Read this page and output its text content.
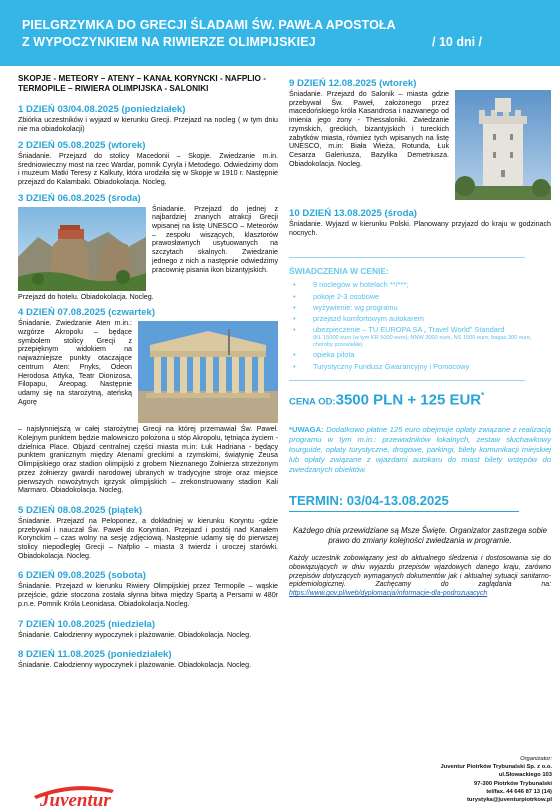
PIELGRZYMKA DO GRECJI ŚLADAMI ŚW. PAWŁA APOSTOŁA
Z WYPOCZYNKIEM NA RIWIERZE OLIMPIJSKIEJ	/ 10 dni /
SKOPJE - METEORY – ATENY – KANAŁ KORYNCKI - NAFPLIO - TERMOPILE – RIWIERA OLIMPIJSKA - SALONIKI
1 DZIEŃ 03/04.08.2025 (poniedziałek)
Zbiórka uczestników i wyjazd w kierunku Grecji. Przejazd na nocleg ( w tym dniu nie ma obiadokolacji)
2 DZIEŃ 05.08.2025 (wtorek)
Śniadanie. Przejazd do stolicy Macedonii – Skopje. Zwiedzanie m.in. średniowieczny most na rzec Wardar, pomnik Cyryla i Metodego. Odwiedzimy dom i muzeum Matki Teresy z Kalkuty, która urodziła się w Skopje w 1910 r. Następnie przejazd do Kalambaki. Obiadokolacja. Nocleg.
3 DZIEŃ 06.08.2025 (środa)
Śniadanie. Przejazd do jednej z najbardziej znanych atrakcji Grecji wpisanej na listę UNESCO – Meteorów – zespołu wiszących, klasztorów prawosławnych usytuowanych na szczytach skalnych. Zwiedzanie jednego z nich a następnie odwiedzimy pracownię pisania ikon bizantyjskich.
Przejazd do hotelu. Obiadokolacja. Nocleg.
4 DZIEŃ 07.08.2025 (czwartek)
Śniadanie. Zwiedzanie Aten m.in.: wzgórze Akropolu – będące symbolem stolicy Grecji z przepięknym widokiem na najważniejsze punkty otaczające centrum Aten: Pnyks, Odeon Herodosa Attyka, Teatr Dionizosa, Filopapu, Areopag. Następnie udamy się na starożytną, ateńską Agorę
– najsłynniejszą w całej starożytnej Grecji na której przemawiał Św. Paweł. Kolejnym punktem będzie malowniczo położona u stóp Akropolu, tętniąca życiem - dzielnica Place. Objazd centralnej części miasta m.in: Łuk Hadriana - będący punktem granicznym między Atenami greckimi a rzymskimi, świątynię Zeusa Olimpijskiego oraz stadion olimpijski z grobem Nieznanego Żołnierza strzeżonym przez żołnierzy gwardii narodowej ubranych w tradycyjne stroje oraz miejsce pierwszych nowożytnych igrzysk olimpijskich – zrekonstruowany stadion Kali Marmaro. Obiadokolacja. Nocleg.
5 DZIEŃ 08.08.2025 (piątek)
Śniadanie. Przejazd na Peloponez, a dokładniej w kierunku Koryntu -gdzie przebywał i nauczał Św. Paweł do Koryntian. Przejazd i postój nad Kanałem Korynckim – czas wolny na sesję zdjęciową. Następnie udamy się do pierwszej stolicy niepodległej Grecji – Nafplio – miasta 3 twierdz i uroczej starówki. Obiadokolacja. Nocleg.
6 DZIEŃ 09.08.2025 (sobota)
Śniadanie. Przejazd w kierunku Riwiery Olimpijskiej przez Termopile – wąskie przejście, gdzie stoczona została słynna bitwa między Spartą a Persami w 480r p.n.e. Pomnik Króla Leonidasa. Obiadokolacja.Nocleg.
7 DZIEŃ 10.08.2025 (niedziela)
Śniadanie. Całodzienny wypoczynek i plażowanie. Obiadokolacja. Nocleg.
8 DZIEŃ 11.08.2025 (poniedziałek)
Śniadanie. Całodzienny wypoczynek i plażowanie. Obiadokolacja. Nocleg.
9 DZIEŃ 12.08.2025 (wtorek)
Śniadanie. Przejazd do Salonik – miasta gdzie przebywał Św. Paweł, założonego przez macedońskiego króla Kasandrosa i nazwanego od imienia jego żony - Thessaloniki. Zwiedzanie rzymskich, greckich, bizantyjskich i tureckich zabytków miasta, równiez tych wpisanych na listę UNESCO, m.in: Biała Wieża, Rotunda, Łuk Cesarza Galeriusza, Bazylika Demetriusza. Obiadokolacja. Nocleg.
10 DZIEŃ 13.08.2025 (środa)
Śniadanie. Wyjazd w kierunku Polski. Planowany przyjazd do kraju w godzinach nocnych.
ŚWIADCZENIA W CENIE:
• 9 noclegów w hotelach **/***;
• pokoje 2-3 osobowe
• wyżywienie: wg programu
• przejazd komfortowym autokarem
• ubezpieczenie – TU EUROPA SA „ Travel World” Standard
(KL 15000 euro (w tym KR 5000 euro); NNW 3000 euro, NS 1500 euro; bagaż 300 euro, choroby przewlekłe)
• opieka pilota
• Turystyczny Fundusz Gwarancyjny i Pomocowy
CENA OD:3500 PLN + 125 EUR*
*UWAGA: Dodatkowo płatne 125 euro obejmuje opłaty związane z realizacją programu w tym m.in.: przewodników lokalnych, zestaw słuchawkowy tourguide, opłaty turystyczne, drogowe, parkingi, bilety komunikacji miejskiej lub opłaty związane z wjazdami autokaru do miast bilety wstępów do zwiedzanych obiektów.
TERMIN: 03/04-13.08.2025
Każdego dnia przewidziane są Msze Święte. Organizator zastrzega sobie prawo do zmiany kolejności zwiedzania w programie.
Każdy uczestnik zobowiązany jest do aktualnego śledzenia i dostosowania się do obowiązujących w dniu wyjazdu przepisów wjazdowych danego kraju, zarówno przepisów dotyczących wymaganych dokumentów jak i aktualnej sytuacji sanitarno-epidemiologicznej. Zachęcamy do zaglądania na: https://www.gov.pl/web/dyplomacja/informacje-dla-podrozujacych
Organizator:
Juventur Piotrków Trybunalski Sp. z o.o.
ul.Słowackiego 103
97-300 Piotrków Trybunalski
tel/fax. 44 646 87 13 (14)
turystyka@juventurpiotrkow.pl
Juventur
